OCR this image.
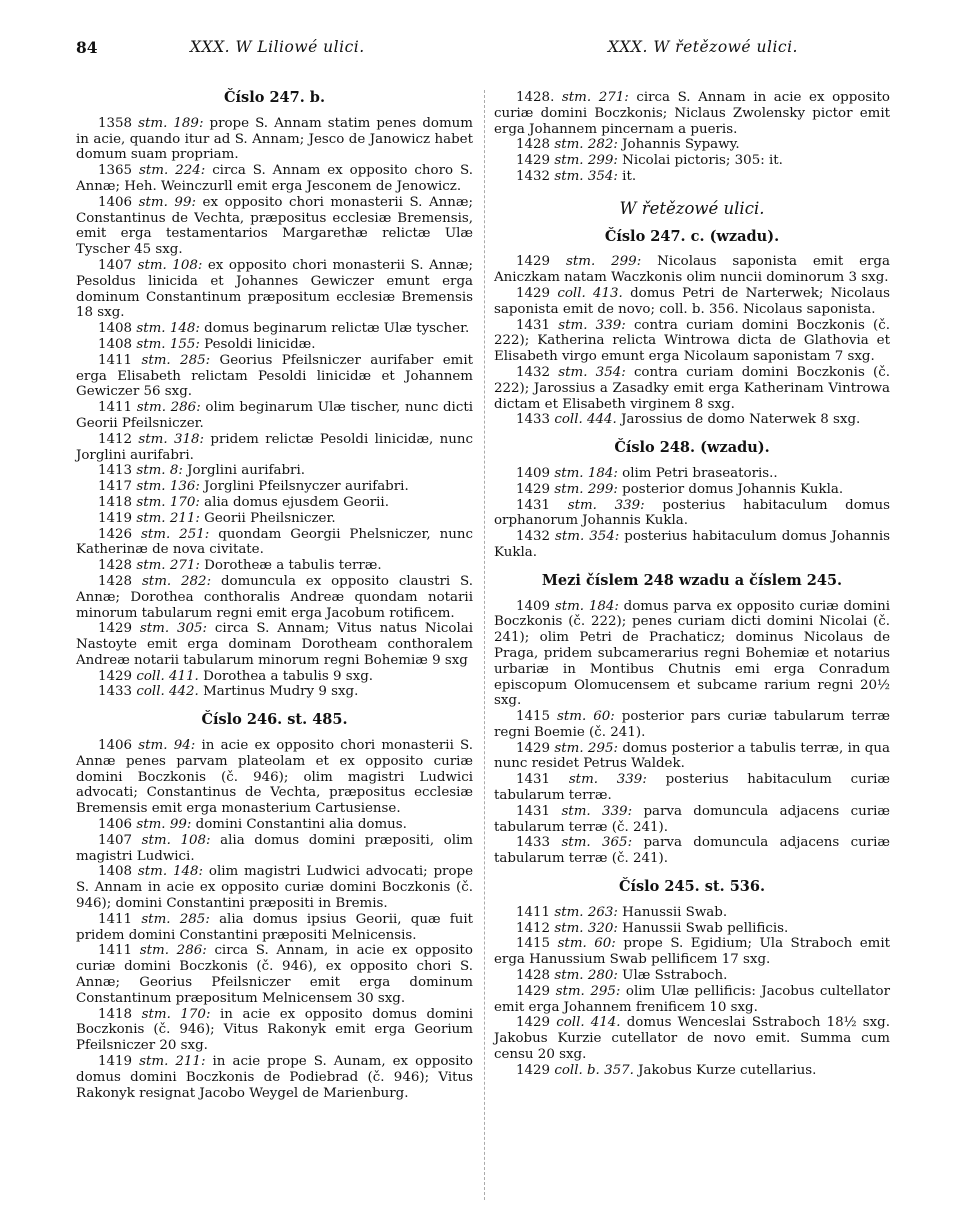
84	XXX. W Liliowé ulici.	XXX. W řetězowé ulici.
Číslo 247. b.

1358 stm. 189: prope S. Annam statim penes domum in acie, quando itur ad S. Annam; Jesco de Janowicz habet domum suam propriam.

1365 stm. 224: circa S. Annam ex opposito choro S. Annæ; Heh. Weinczurll emit erga Jesconem de Jenowicz.

1406 stm. 99: ex opposito chori monasterii S. Annæ; Constantinus de Vechta, præpositus ecclesiæ Bremensis, emit erga testamentarios Margarethæ relictæ Ulæ Tyscher 45 sxg.

1407 stm. 108: ex opposito chori monasterii S. Annæ; Pesoldus linicida et Johannes Gewiczer emunt erga dominum Constantinum præpositum ecclesiæ Bremensis 18 sxg.

1408 stm. 148: domus beginarum relictæ Ulæ tyscher.

1408 stm. 155: Pesoldi linicidæ.

1411 stm. 285: Georius Pfeilsniczer aurifaber emit erga Elisabeth relictam Pesoldi linicidæ et Johannem Gewiczer 56 sxg.

1411 stm. 286: olim beginarum Ulæ tischer, nunc dicti Georii Pfeilsniczer.

1412 stm. 318: pridem relictæ Pesoldi linicidæ, nunc Jorglini aurifabri.

1413 stm. 8: Jorglini aurifabri.

1417 stm. 136: Jorglini Pfeilsnyczer aurifabri.

1418 stm. 170: alia domus ejusdem Georii.

1419 stm. 211: Georii Pheilsniczer.

1426 stm. 251: quondam Georgii Phelsniczer, nunc Katherinæ de nova civitate.

1428 stm. 271: Dorotheæ a tabulis terræ.

1428 stm. 282: domuncula ex opposito claustri S. Annæ; Dorothea conthoralis Andreæ quondam notarii minorum tabularum regni emit erga Jacobum rotificem.

1429 stm. 305: circa S. Annam; Vitus natus Nicolai Nastoyte emit erga dominam Dorotheam conthoralem Andreæ notarii tabularum minorum regni Bohemiæ 9 sxg

1429 coll. 411. Dorothea a tabulis 9 sxg.

1433 coll. 442. Martinus Mudry 9 sxg.

Číslo 246. st. 485.

1406 stm. 94: in acie ex opposito chori monasterii S. Annæ penes parvam plateolam et ex opposito curiæ domini Boczkonis (č. 946); olim magistri Ludwici advocati; Constantinus de Vechta, præpositus ecclesiæ Bremensis emit erga monasterium Cartusiense.

1406 stm. 99: domini Constantini alia domus.

1407 stm. 108: alia domus domini præpositi, olim magistri Ludwici.

1408 stm. 148: olim magistri Ludwici advocati; prope S. Annam in acie ex opposito curiæ domini Boczkonis (č. 946); domini Constantini præpositi in Bremis.

1411 stm. 285: alia domus ipsius Georii, quæ fuit pridem domini Constantini præpositi Melnicensis.

1411 stm. 286: circa S. Annam, in acie ex opposito curiæ domini Boczkonis (č. 946), ex opposito chori S. Annæ; Georius Pfeilsniczer emit erga dominum Constantinum præpositum Melnicensem 30 sxg.

1418 stm. 170: in acie ex opposito domus domini Boczkonis (č. 946); Vitus Rakonyk emit erga Georium Pfeilsniczer 20 sxg.

1419 stm. 211: in acie prope S. Aunam, ex opposito domus domini Boczkonis de Podiebrad (č. 946); Vitus Rakonyk resignat Jacobo Weygel de Marienburg.

1428. stm. 271: circa S. Annam in acie ex opposito curiæ domini Boczkonis; Niclaus Zwolensky pictor emit erga Johannem pincernam a pueris.

1428 stm. 282: Johannis Sypawy.

1429 stm. 299: Nicolai pictoris; 305: it.

1432 stm. 354: it.

W řetězowé ulici.
Číslo 247. c. (wzadu).

1429 stm. 299: Nicolaus saponista emit erga Aniczkam natam Waczkonis olim nuncii dominorum 3 sxg.

1429 coll. 413. domus Petri de Narterwek; Nicolaus saponista emit de novo; coll. b. 356. Nicolaus saponista.

1431 stm. 339: contra curiam domini Boczkonis (č. 222); Katherina relicta Wintrowa dicta de Glathovia et Elisabeth virgo emunt erga Nicolaum saponistam 7 sxg.

1432 stm. 354: contra curiam domini Boczkonis (č. 222); Jarossius a Zasadky emit erga Katherinam Vintrowa dictam et Elisabeth virginem 8 sxg.

1433 coll. 444. Jarossius de domo Naterwek 8 sxg.

Číslo 248. (wzadu).

1409 stm. 184: olim Petri braseatoris..

1429 stm. 299: posterior domus Johannis Kukla.

1431 stm. 339: posterius habitaculum domus orphanorum Johannis Kukla.

1432 stm. 354: posterius habitaculum domus Johannis Kukla.

Mezi číslem 248 wzadu a číslem 245.

1409 stm. 184: domus parva ex opposito curiæ domini Boczkonis (č. 222); penes curiam dicti domini Nicolai (č. 241); olim Petri de Prachaticz; dominus Nicolaus de Praga, pridem subcamerarius regni Bohemiæ et notarius urbariæ in Montibus Chutnis emi erga Conradum episcopum Olomucensem et subcame rarium regni 20½ sxg.

1415 stm. 60: posterior pars curiæ tabularum terræ regni Boemie (č. 241).

1429 stm. 295: domus posterior a tabulis terræ, in qua nunc residet Petrus Waldek.

1431 stm. 339: posterius habitaculum curiæ tabularum terræ.

1431 stm. 339: parva domuncula adjacens curiæ tabularum terræ (č. 241).

1433 stm. 365: parva domuncula adjacens curiæ tabularum terræ (č. 241).

Číslo 245. st. 536.

1411 stm. 263: Hanussii Swab.

1412 stm. 320: Hanussii Swab pellificis.

1415 stm. 60: prope S. Egidium; Ula Straboch emit erga Hanussium Swab pellificem 17 sxg.

1428 stm. 280: Ulæ Sstraboch.

1429 stm. 295: olim Ulæ pellificis: Jacobus cultellator emit erga Johannem frenificem 10 sxg.

1429 coll. 414. domus Wenceslai Sstraboch 18½ sxg. Jakobus Kurzie cutellator de novo emit. Summa cum censu 20 sxg.

1429 coll. b. 357. Jakobus Kurze cutellarius.
